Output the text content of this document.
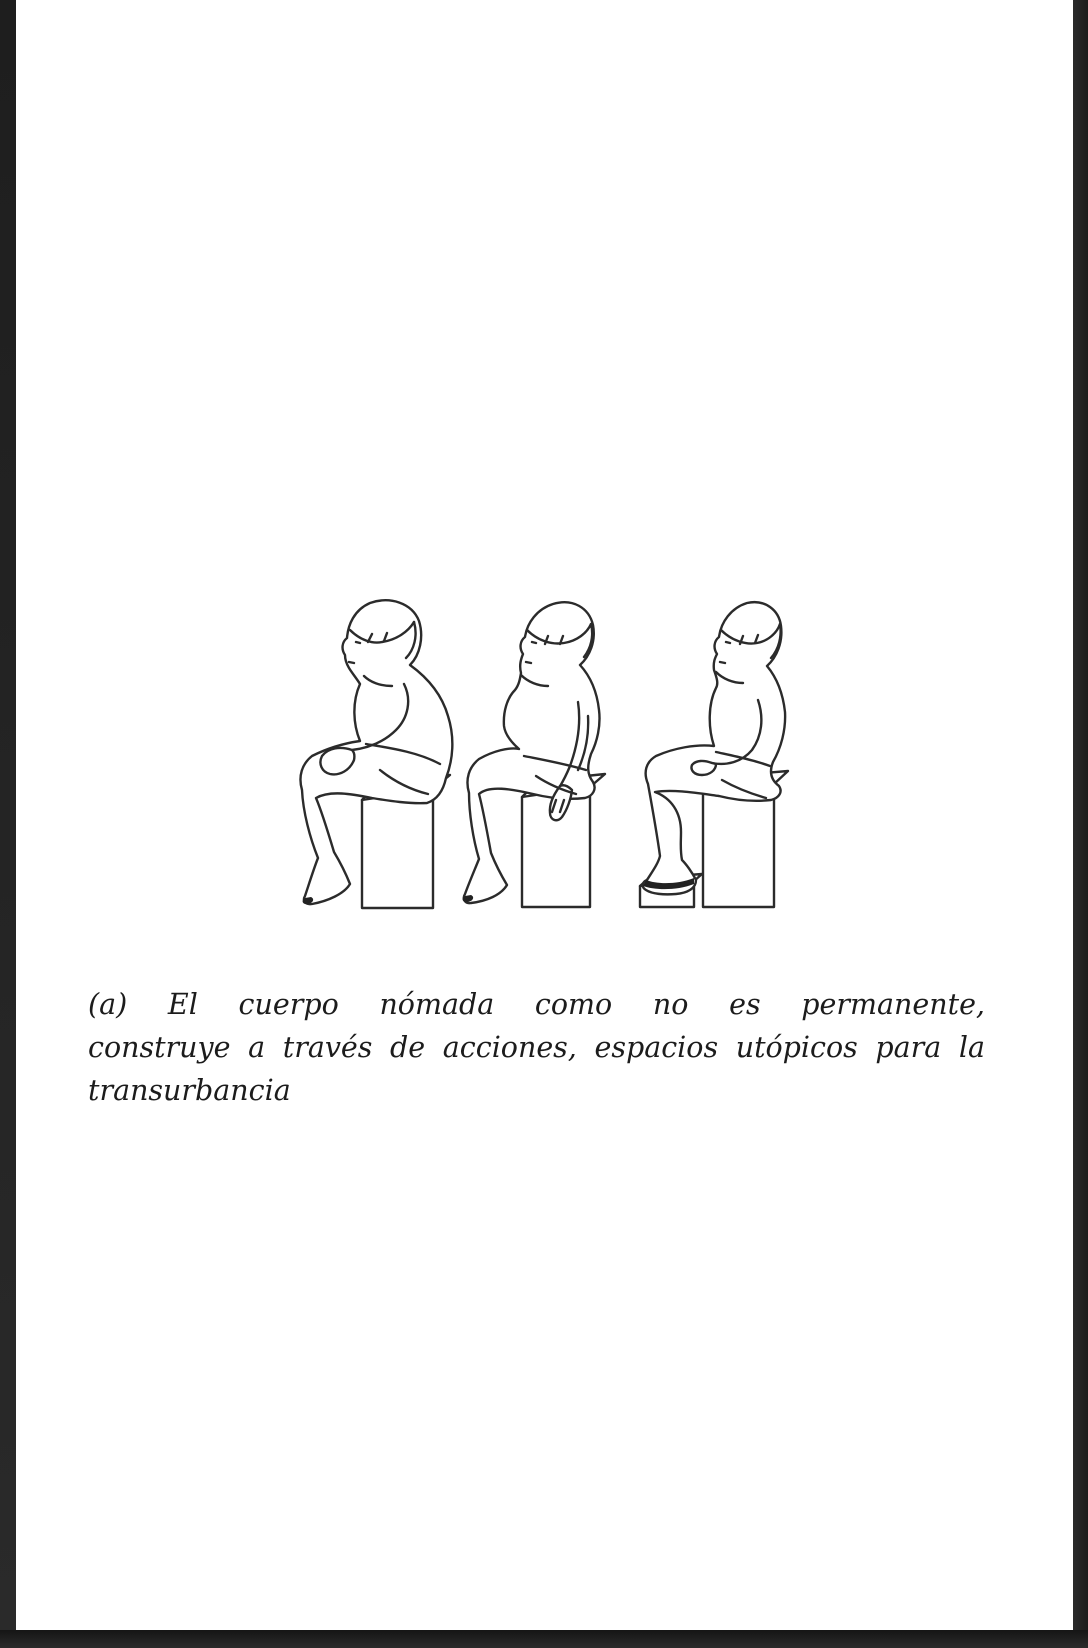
(a) El cuerpo nómada como no es permanente,
construye a través de acciones, espacios utópicos para la transurbancia
